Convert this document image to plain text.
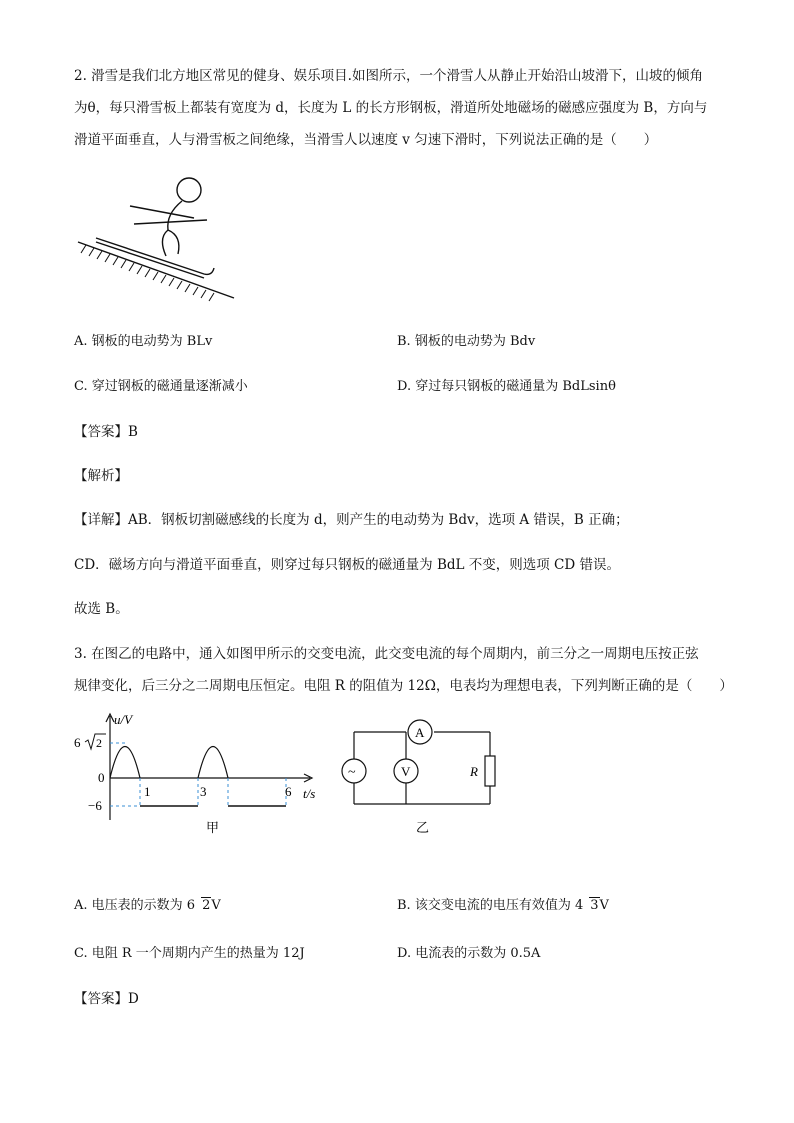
2. 滑雪是我们北方地区常见的健身、娱乐项目.如图所示，一个滑雪人从静止开始沿山坡滑下，山坡的倾角
为θ，每只滑雪板上都装有宽度为 d，长度为 L 的长方形钢板，滑道所处地磁场的磁感应强度为 B，方向与
滑道平面垂直，人与滑雪板之间绝缘，当滑雪人以速度 v 匀速下滑时，下列说法正确的是（　　）
A. 钢板的电动势为 BLv	B. 钢板的电动势为 Bdv
C. 穿过钢板的磁通量逐渐减小	D. 穿过每只钢板的磁通量为 BdLsinθ
【答案】B
【解析】
【详解】AB．钢板切割磁感线的长度为 d，则产生的电动势为 Bdv，选项 A 错误，B 正确；
CD．磁场方向与滑道平面垂直，则穿过每只钢板的磁通量为 BdL 不变，则选项 CD 错误。
故选 B。
3. 在图乙的电路中，通入如图甲所示的交变电流，此交变电流的每个周期内，前三分之一周期电压按正弦
规律变化，后三分之二周期电压恒定。电阻 R 的阻值为 12Ω，电表均为理想电表，下列判断正确的是（　　）
6 2
0
−6
u/V
1	3	6 t/s
甲
A
~	V	R
乙
A. 电压表的示数为 6 2V	B. 该交变电流的电压有效值为 4 3V
C. 电阻 R 一个周期内产生的热量为 12J	D. 电流表的示数为 0.5A
【答案】D
